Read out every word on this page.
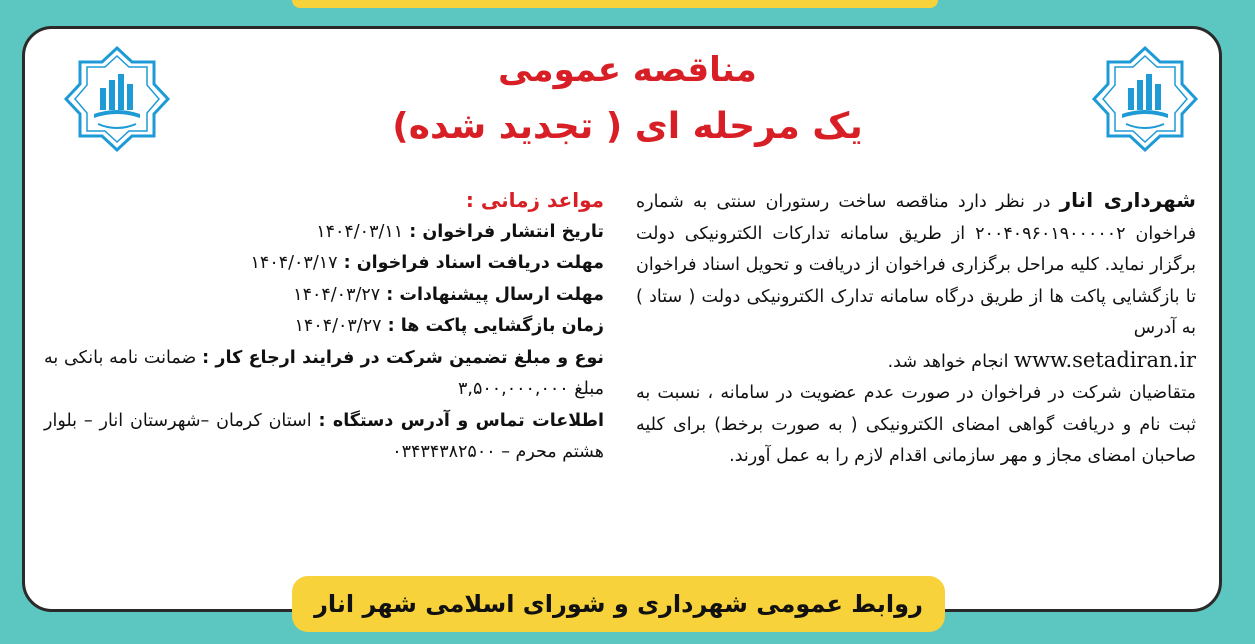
مناقصه عمومی
یک مرحله ای ( تجدید شده)
شهرداری انار در نظر دارد مناقصه ساخت رستوران سنتی به شماره فراخوان ۲۰۰۴۰۹۶۰۱۹۰۰۰۰۰۲ از طریق سامانه تدارکات الکترونیکی دولت برگزار نماید. کلیه مراحل برگزاری فراخوان از دریافت و تحویل اسناد فراخوان تا بازگشایی پاکت ها از طریق درگاه سامانه تدارک الکترونیکی دولت ( ستاد ) به آدرس
www.setadiran.ir انجام خواهد شد.
متقاضیان شرکت در فراخوان در صورت عدم عضویت در سامانه ، نسبت به ثبت نام و دریافت گواهی امضای الکترونیکی ( به صورت برخط) برای کلیه صاحبان امضای مجاز و مهر سازمانی اقدام لازم را به عمل آورند.
مواعد زمانی :
تاریخ انتشار فراخوان : ۱۴۰۴/۰۳/۱۱
مهلت دریافت اسناد فراخوان : ۱۴۰۴/۰۳/۱۷
مهلت ارسال پیشنهادات : ۱۴۰۴/۰۳/۲۷
زمان بازگشایی پاکت ها : ۱۴۰۴/۰۳/۲۷
نوع و مبلغ تضمین شرکت در فرایند ارجاع کار : ضمانت نامه بانکی به مبلغ ۳,۵۰۰,۰۰۰,۰۰۰
اطلاعات تماس و آدرس دستگاه : استان کرمان –شهرستان انار – بلوار هشتم محرم – ۰۳۴۳۴۳۸۲۵۰۰
روابط عمومی شهرداری و شورای اسلامی شهر انار
